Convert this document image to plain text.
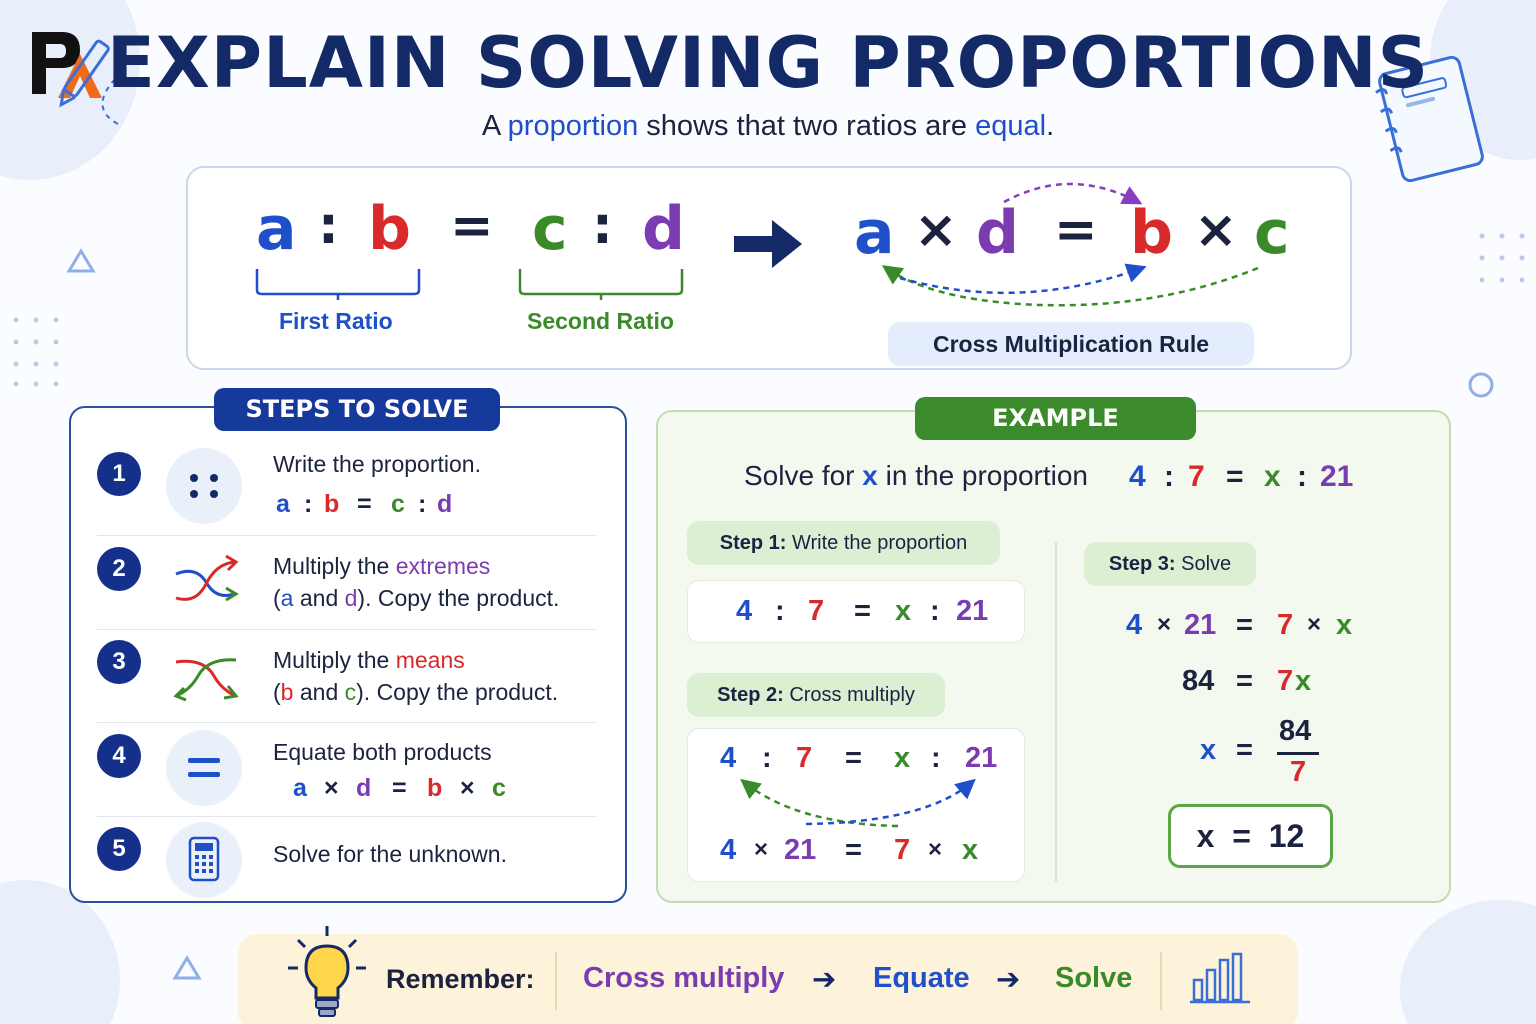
EXPLAIN SOLVING PROPORTIONS
A proportion shows that two ratios are equal.
a : b = c : d
First Ratio	Second Ratio
a × d = b × c
Cross Multiplication Rule
STEPS TO SOLVE
1	Write the proportion.
a : b = c : d
2	Multiply the extremes
(a and d). Copy the product.
3	Multiply the means
(b and c). Copy the product.
4	Equate both products
a × d = b × c
5	Solve for the unknown.
EXAMPLE
Solve for x in the proportion 4 : 7 = x : 21
Step 1: Write the proportion
4 : 7 = x : 21
Step 2: Cross multiply
4 : 7 = x : 21
4 × 21 = 7 × x
Step 3: Solve
4 × 21 = 7 × x
84 = 7 x
x =
84
7
x  =  12
Remember: Cross multiply ➔ Equate ➔ Solve
